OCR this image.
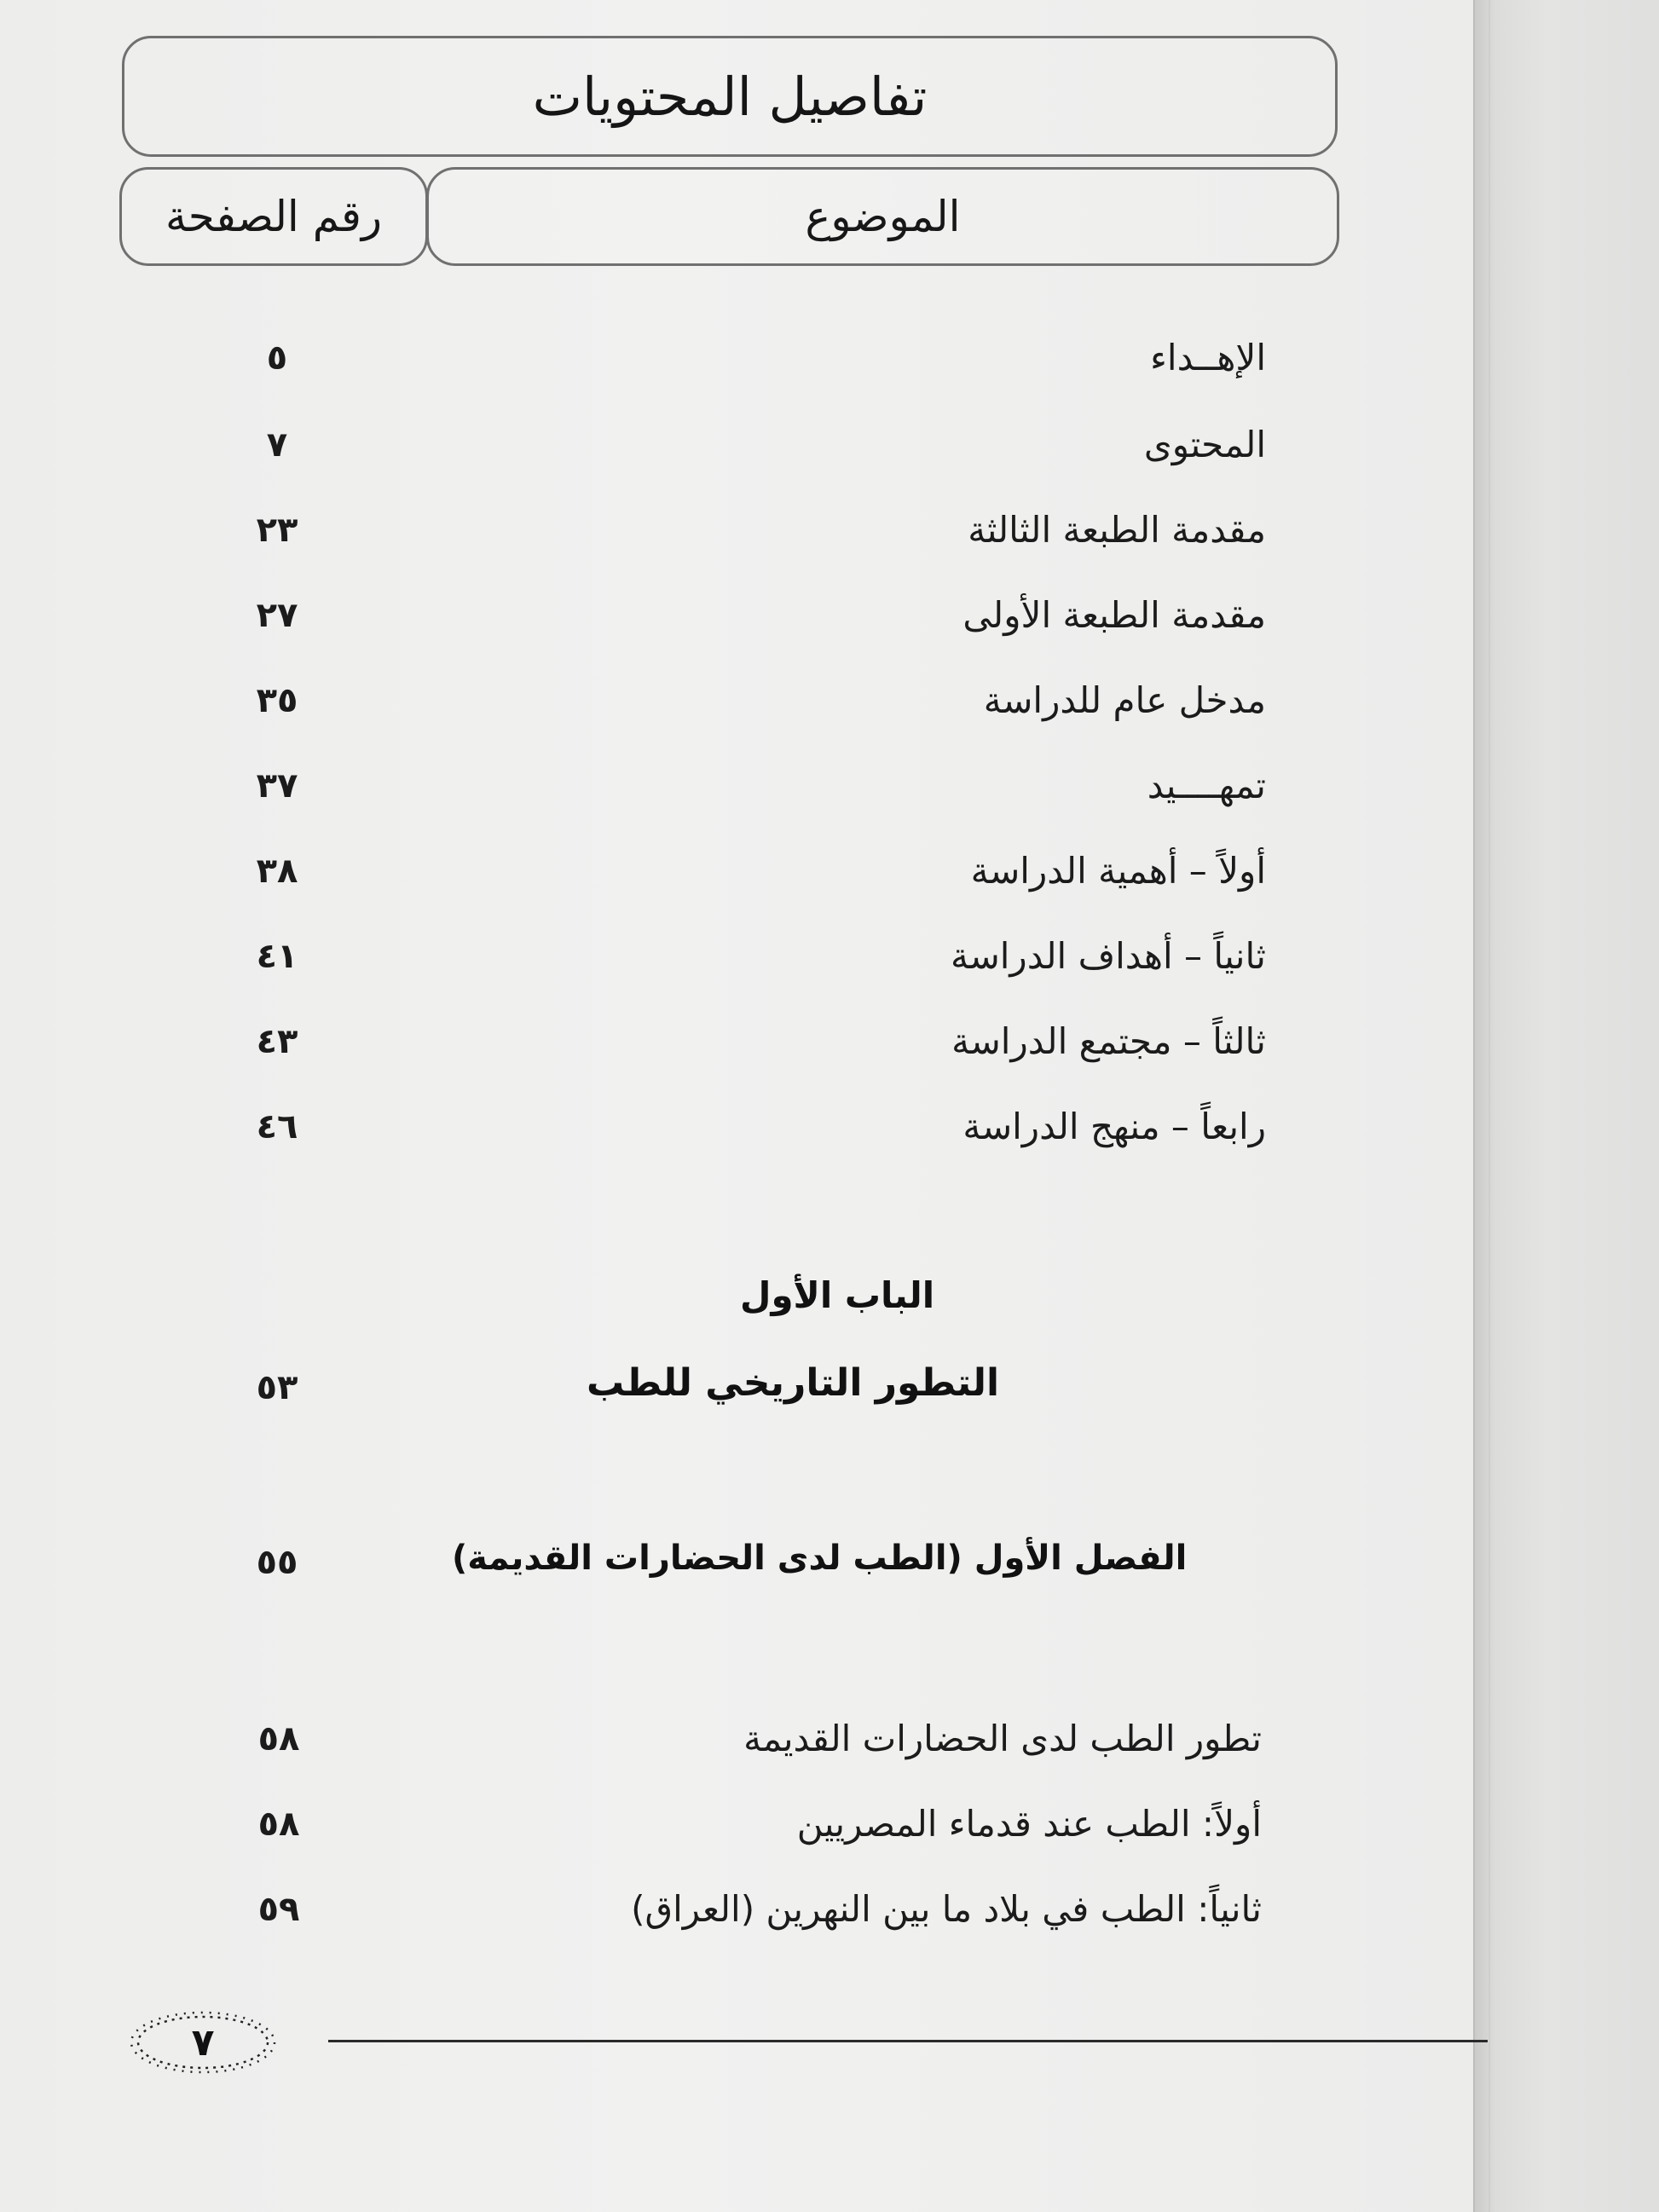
تفاصيل المحتويات
رقم الصفحة	الموضوع
الإهــداء
٥
المحتوى
٧
مقدمة الطبعة الثالثة
٢٣
مقدمة الطبعة الأولى
٢٧
مدخل عام للدراسة
٣٥
تمهــــيد
٣٧
أولاً – أهمية الدراسة
٣٨
ثانياً – أهداف الدراسة
٤١
ثالثاً – مجتمع الدراسة
٤٣
رابعاً – منهج الدراسة
٤٦
الباب الأول
التطور التاريخي للطب
٥٣
الفصل الأول (الطب لدى الحضارات القديمة)
٥٥
تطور الطب لدى الحضارات القديمة
٥٨
أولاً: الطب عند قدماء المصريين
٥٨
ثانياً: الطب في بلاد ما بين النهرين (العراق)
٥٩
٧
